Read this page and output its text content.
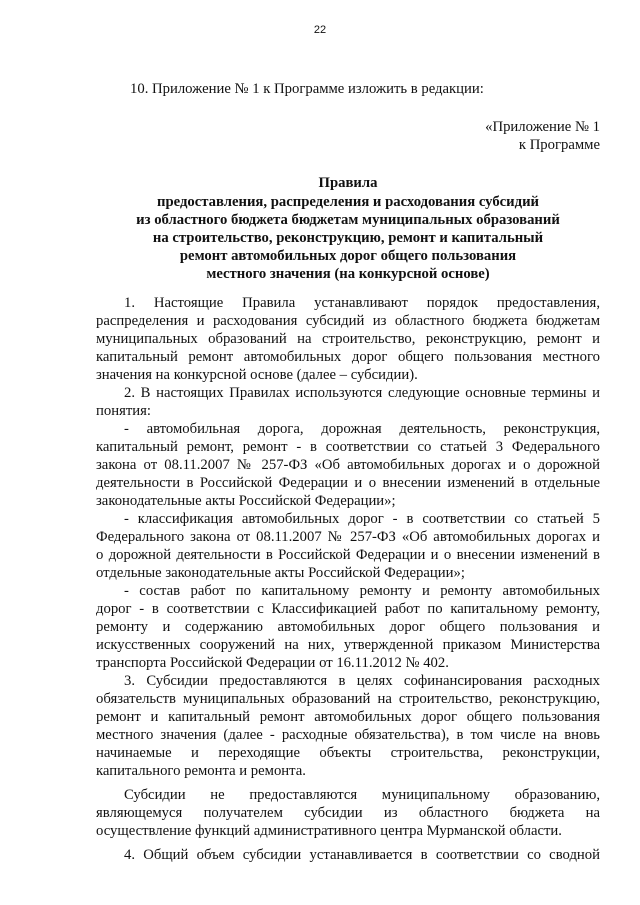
22
10. Приложение № 1 к Программе изложить в редакции:
«Приложение № 1
к Программе
Правила
предоставления, распределения и расходования субсидий
из областного бюджета бюджетам муниципальных образований
на строительство, реконструкцию, ремонт и капитальный
ремонт автомобильных дорог общего пользования
местного значения (на конкурсной основе)
1. Настоящие Правила устанавливают порядок предоставления,
распределения и расходования субсидий из областного бюджета бюджетам
муниципальных образований на строительство, реконструкцию, ремонт и
капитальный ремонт автомобильных дорог общего пользования местного
значения на конкурсной основе (далее – субсидии).
2. В настоящих Правилах используются следующие основные термины и
понятия:
- автомобильная дорога, дорожная деятельность, реконструкция,
капитальный ремонт, ремонт - в соответствии со статьей 3 Федерального
закона от 08.11.2007 № 257-ФЗ «Об автомобильных дорогах и о дорожной
деятельности в Российской Федерации и о внесении изменений в отдельные
законодательные акты Российской Федерации»;
- классификация автомобильных дорог - в соответствии со статьей 5
Федерального закона от 08.11.2007 № 257-ФЗ «Об автомобильных дорогах и
о дорожной деятельности в Российской Федерации и о внесении изменений в
отдельные законодательные акты Российской Федерации»;
- состав работ по капитальному ремонту и ремонту автомобильных
дорог - в соответствии с Классификацией работ по капитальному ремонту,
ремонту и содержанию автомобильных дорог общего пользования и
искусственных сооружений на них, утвержденной приказом Министерства
транспорта Российской Федерации от 16.11.2012 № 402.
3. Субсидии предоставляются в целях софинансирования расходных
обязательств муниципальных образований на строительство, реконструкцию,
ремонт и капитальный ремонт автомобильных дорог общего пользования
местного значения (далее - расходные обязательства), в том числе на вновь
начинаемые и переходящие объекты строительства, реконструкции,
капитального ремонта и ремонта.
Субсидии не предоставляются муниципальному образованию,
являющемуся получателем субсидии из областного бюджета на
осуществление функций административного центра Мурманской области.
4. Общий объем субсидии устанавливается в соответствии со сводной
